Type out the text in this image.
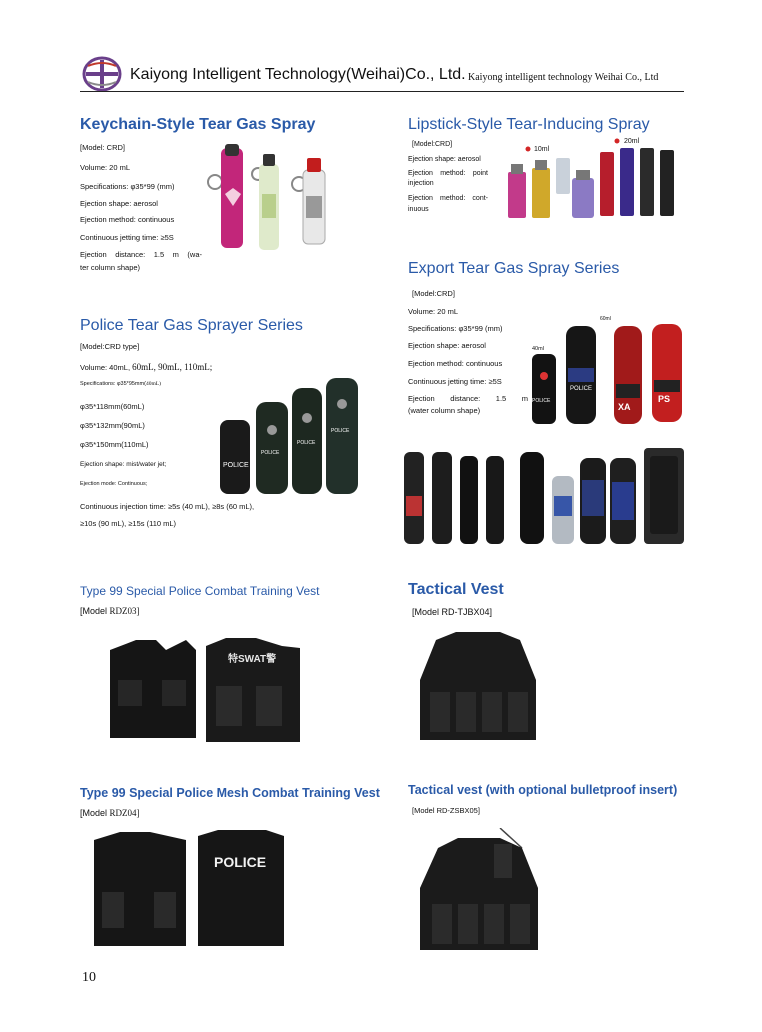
Kaiyong Intelligent Technology(Weihai)Co., Ltd. Kaiyong intelligent technology Weihai Co., Ltd
Keychain-Style Tear Gas Spray
[Model: CRD]
Volume: 20 mL
Specifications: φ35*99 (mm)
Ejection shape: aerosol
Ejection method: continuous
Continuous jetting time: ≥5S
Ejection distance: 1.5 m (wa-
ter column shape)
Lipstick-Style Tear-Inducing Spray
[Model:CRD]
Ejection shape: aerosol
Ejection method: point
injection
Ejection method: cont-
inuous
10ml
20ml
Export Tear Gas Spray Series
[Model:CRD]
Volume: 20 mL
Specifications: φ35*99 (mm)
Ejection shape: aerosol
Ejection method: continuous
Continuous jetting time: ≥5S
Ejection distance: 1.5 m
(water column shape)
40ml
60ml
POLICE
POLICE
XA
PS
Police Tear Gas Sprayer Series
[Model:CRD type]
Volume: 40mL, 60mL, 90mL, 110mL;
Specifications: φ35*95mm(40mL)
φ35*118mm(60mL)
φ35*132mm(90mL)
φ35*150mm(110mL)
Ejection shape: mist/water jet;
Ejection mode: Continuous;
Continuous injection time: ≥5s (40 mL), ≥8s (60 mL),
≥10s (90 mL), ≥15s (110 mL)
POLICE
POLICE
POLICE
POLICE
Type 99 Special Police Combat Training Vest
[Model RDZ03]
特SWAT警
Tactical Vest
[Model RD-TJBX04]
Type 99 Special Police Mesh Combat Training Vest
[Model RDZ04]
POLICE
Tactical vest (with optional bulletproof insert)
[Model RD-ZSBX05]
10
